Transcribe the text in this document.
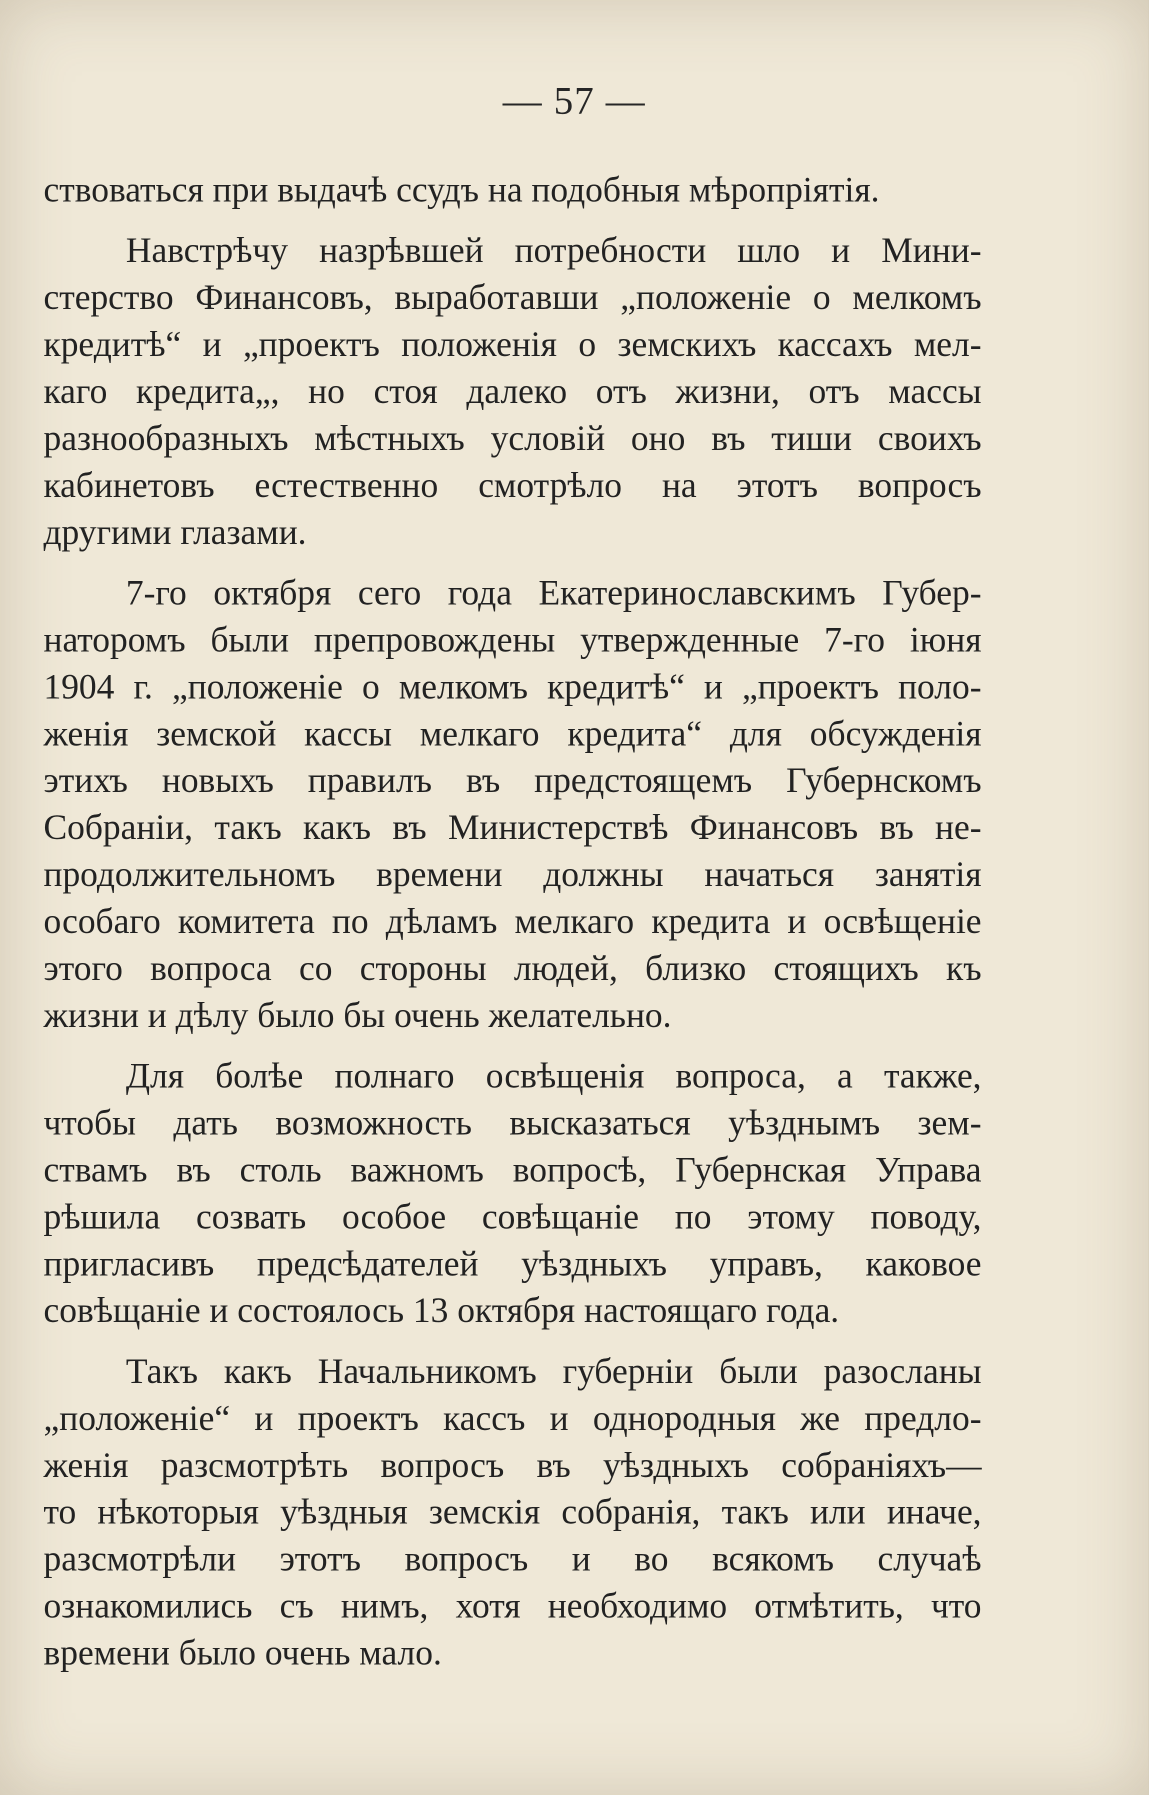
— 57 —

ствоваться при выдачѣ ссудъ на подобныя мѣропріятія.

Навстрѣчу назрѣвшей потребности шло и Мини-
стерство Финансовъ, выработавши „положеніе о мелкомъ
кредитѣ“ и „проектъ положенія о земскихъ кассахъ мел-
каго кредита„, но стоя далеко отъ жизни, отъ массы
разнообразныхъ мѣстныхъ условій оно въ тиши своихъ
кабинетовъ естественно смотрѣло на этотъ вопросъ
другими глазами.

7-го октября сего года Екатеринославскимъ Губер-
наторомъ были препровождены утвержденные 7-го іюня
1904 г. „положеніе о мелкомъ кредитѣ“ и „проектъ поло-
женія земской кассы мелкаго кредита“ для обсужденія
этихъ новыхъ правилъ въ предстоящемъ Губернскомъ
Собраніи, такъ какъ въ Министерствѣ Финансовъ въ не-
продолжительномъ времени должны начаться занятія
особаго комитета по дѣламъ мелкаго кредита и освѣщеніе
этого вопроса со стороны людей, близко стоящихъ къ
жизни и дѣлу было бы очень желательно.

Для болѣе полнаго освѣщенія вопроса, а также,
чтобы дать возможность высказаться уѣзднымъ зем-
ствамъ въ столь важномъ вопросѣ, Губернская Управа
рѣшила созвать особое совѣщаніе по этому поводу,
пригласивъ предсѣдателей уѣздныхъ управъ, каковое
совѣщаніе и состоялось 13 октября настоящаго года.

Такъ какъ Начальникомъ губерніи были разосланы
„положеніе“ и проектъ кассъ и однородныя же предло-
женія разсмотрѣть вопросъ въ уѣздныхъ собраніяхъ—
то нѣкоторыя уѣздныя земскія собранія, такъ или иначе,
разсмотрѣли этотъ вопросъ и во всякомъ случаѣ
ознакомились съ нимъ, хотя необходимо отмѣтить, что
времени было очень мало.
